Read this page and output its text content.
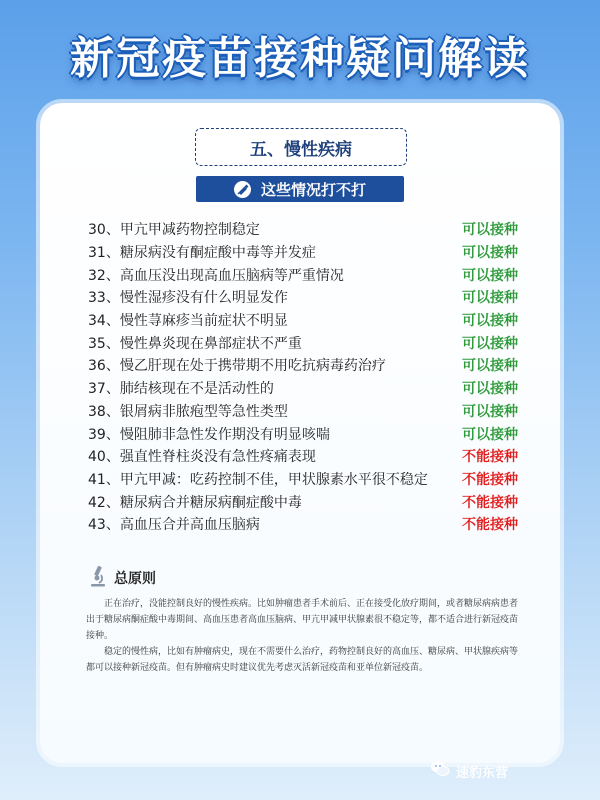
新冠疫苗接种疑问解读
五、慢性疾病
这些情况打不打
30、甲亢甲减药物控制稳定	可以接种
31、糖尿病没有酮症酸中毒等并发症	可以接种
32、高血压没出现高血压脑病等严重情况	可以接种
33、慢性湿疹没有什么明显发作	可以接种
34、慢性荨麻疹当前症状不明显	可以接种
35、慢性鼻炎现在鼻部症状不严重	可以接种
36、慢乙肝现在处于携带期不用吃抗病毒药治疗	可以接种
37、肺结核现在不是活动性的	可以接种
38、银屑病非脓疱型等急性类型	可以接种
39、慢阻肺非急性发作期没有明显咳喘	可以接种
40、强直性脊柱炎没有急性疼痛表现	不能接种
41、甲亢甲减：吃药控制不佳，甲状腺素水平很不稳定 不能接种
42、糖尿病合并糖尿病酮症酸中毒	不能接种
43、高血压合并高血压脑病	不能接种
总原则
正在治疗，没能控制良好的慢性疾病。比如肿瘤患者手术前后、正在接受化放疗期间，或者糖尿病病患者出于糖尿病酮症酸中毒期间、高血压患者高血压脑病、甲亢甲减甲状腺素很不稳定等，都不适合进行新冠疫苗接种。
稳定的慢性病，比如有肿瘤病史，现在不需要什么治疗，药物控制良好的高血压、糖尿病、甲状腺疾病等都可以接种新冠疫苗。但有肿瘤病史时建议优先考虑灭活新冠疫苗和亚单位新冠疫苗。
速豹东营
